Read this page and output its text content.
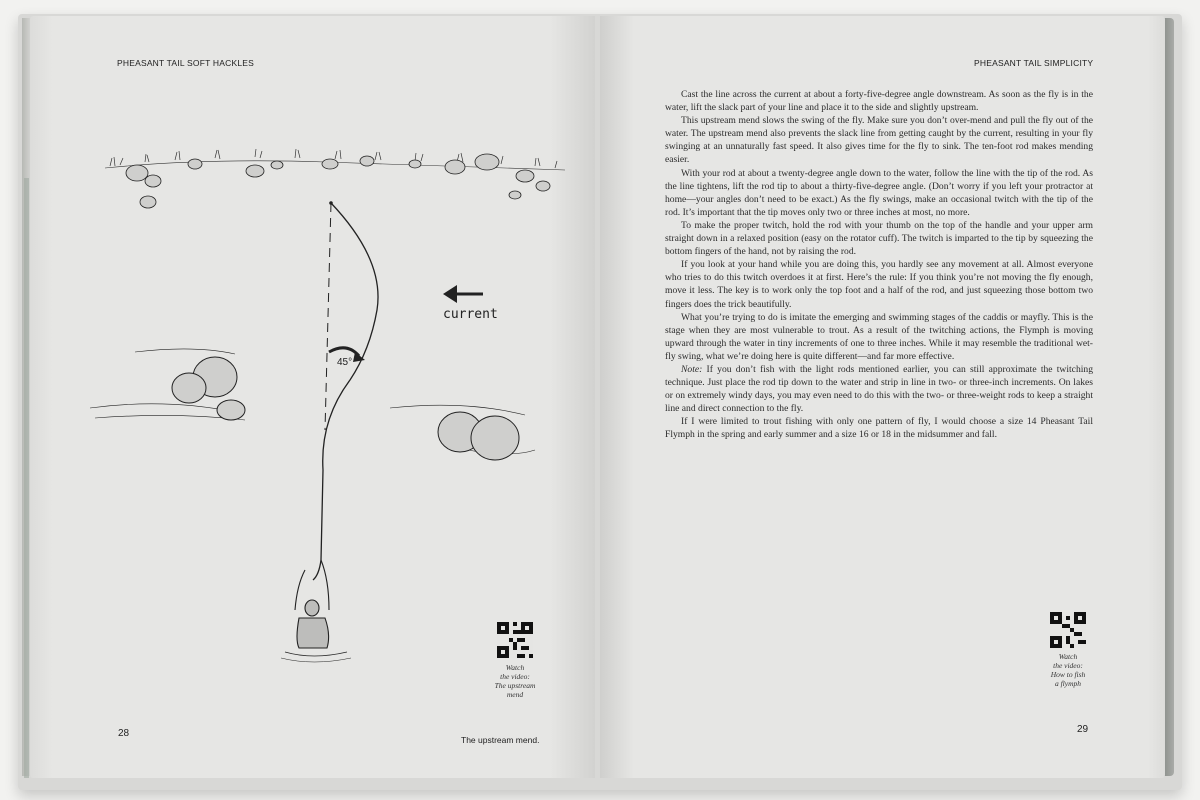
PHEASANT TAIL SOFT HACKLES
45°
current
Watch
the video:
The upstream
mend
28
The upstream mend.
PHEASANT TAIL SIMPLICITY

Cast the line across the current at about a forty-five-degree angle downstream. As soon as the fly is in the water, lift the slack part of your line and place it to the side and slightly upstream.

This upstream mend slows the swing of the fly. Make sure you don’t over-mend and pull the fly out of the water. The upstream mend also prevents the slack line from getting caught by the current, resulting in your fly swinging at an unnaturally fast speed. It also gives time for the fly to sink. The ten-foot rod makes mending easier.

With your rod at about a twenty-degree angle down to the water, follow the line with the tip of the rod. As the line tightens, lift the rod tip to about a thirty-five-degree angle. (Don’t worry if you left your protractor at home—your angles don’t need to be exact.) As the fly swings, make an occasional twitch with the tip of the rod. It’s important that the tip moves only two or three inches at most, no more.

To make the proper twitch, hold the rod with your thumb on the top of the handle and your upper arm straight down in a relaxed position (easy on the rotator cuff). The twitch is imparted to the tip by squeezing the bottom fingers of the hand, not by raising the rod.

If you look at your hand while you are doing this, you hardly see any movement at all. Almost everyone who tries to do this twitch overdoes it at first. Here’s the rule: If you think you’re not moving the fly enough, move it less. The key is to work only the top foot and a half of the rod, and just squeezing those bottom two fingers does the trick beautifully.

What you’re trying to do is imitate the emerging and swimming stages of the caddis or mayfly. This is the stage when they are most vulnerable to trout. As a result of the twitching actions, the Flymph is moving upward through the water in tiny increments of one to three inches. While it may resemble the traditional wet-fly swing, what we’re doing here is quite different—and far more effective.

Note: If you don’t fish with the light rods mentioned earlier, you can still approximate the twitching technique. Just place the rod tip down to the water and strip in line in two- or three-inch increments. On lakes or on extremely windy days, you may even need to do this with the two- or three-weight rods to keep a straight line and direct connection to the fly.

If I were limited to trout fishing with only one pattern of fly, I would choose a size 14 Pheasant Tail Flymph in the spring and early summer and a size 16 or 18 in the midsummer and fall.

Watch
the video:
How to fish
a flymph
29
